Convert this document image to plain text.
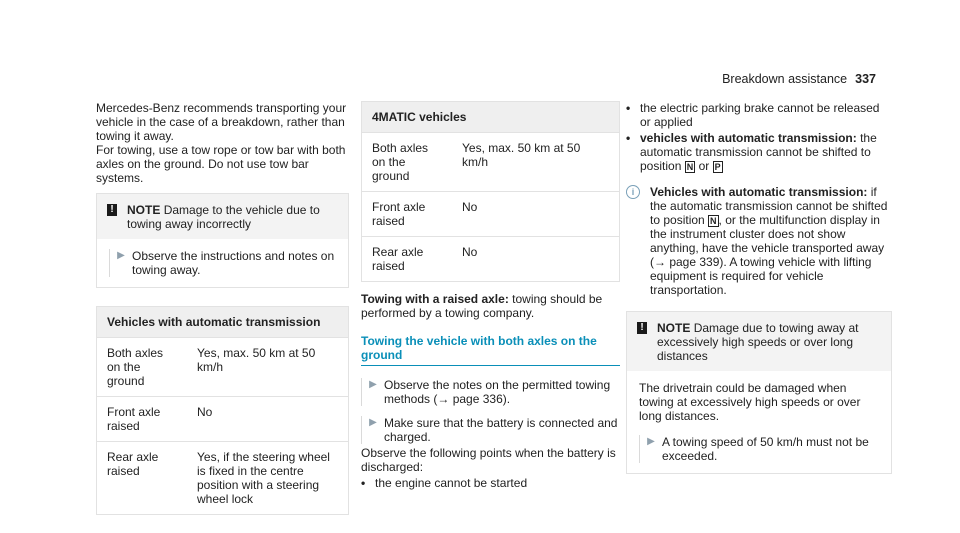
Breakdown assistance 337

Mercedes-Benz recommends transporting your vehicle in the case of a breakdown, rather than towing it away.

For towing, use a tow rope or tow bar with both axles on the ground. Do not use tow bar systems.

! NOTE Damage to the vehicle due to towing away incorrectly
▶ Observe the instructions and notes on towing away.
Vehicles with automatic transmission	
Both axles on the ground	Yes, max. 50 km at 50 km/h
Front axle raised	No
Rear axle raised	Yes, if the steering wheel is fixed in the centre position with a steering wheel lock
4MATIC vehicles	
Both axles on the ground	Yes, max. 50 km at 50 km/h
Front axle raised	No
Rear axle raised	No

Towing with a raised axle: towing should be performed by a towing company.

Towing the vehicle with both axles on the ground
▶ Observe the notes on the permitted towing methods (→ page 336).
▶ Make sure that the battery is connected and charged.

Observe the following points when the battery is discharged:

• the engine cannot be started
• the electric parking brake cannot be released or applied
• vehicles with automatic transmission: the automatic transmission cannot be shifted to position N or P
i	Vehicles with automatic transmission: if the automatic transmission cannot be shifted to position N , or the multifunction display in the instrument cluster does not show anything, have the vehicle transported away (→ page 339). A towing vehicle with lifting equipment is required for vehicle transportation.
! NOTE Damage due to towing away at excessively high speeds or over long distances

The drivetrain could be damaged when towing at excessively high speeds or over long distances.

▶ A towing speed of 50 km/h must not be exceeded.
